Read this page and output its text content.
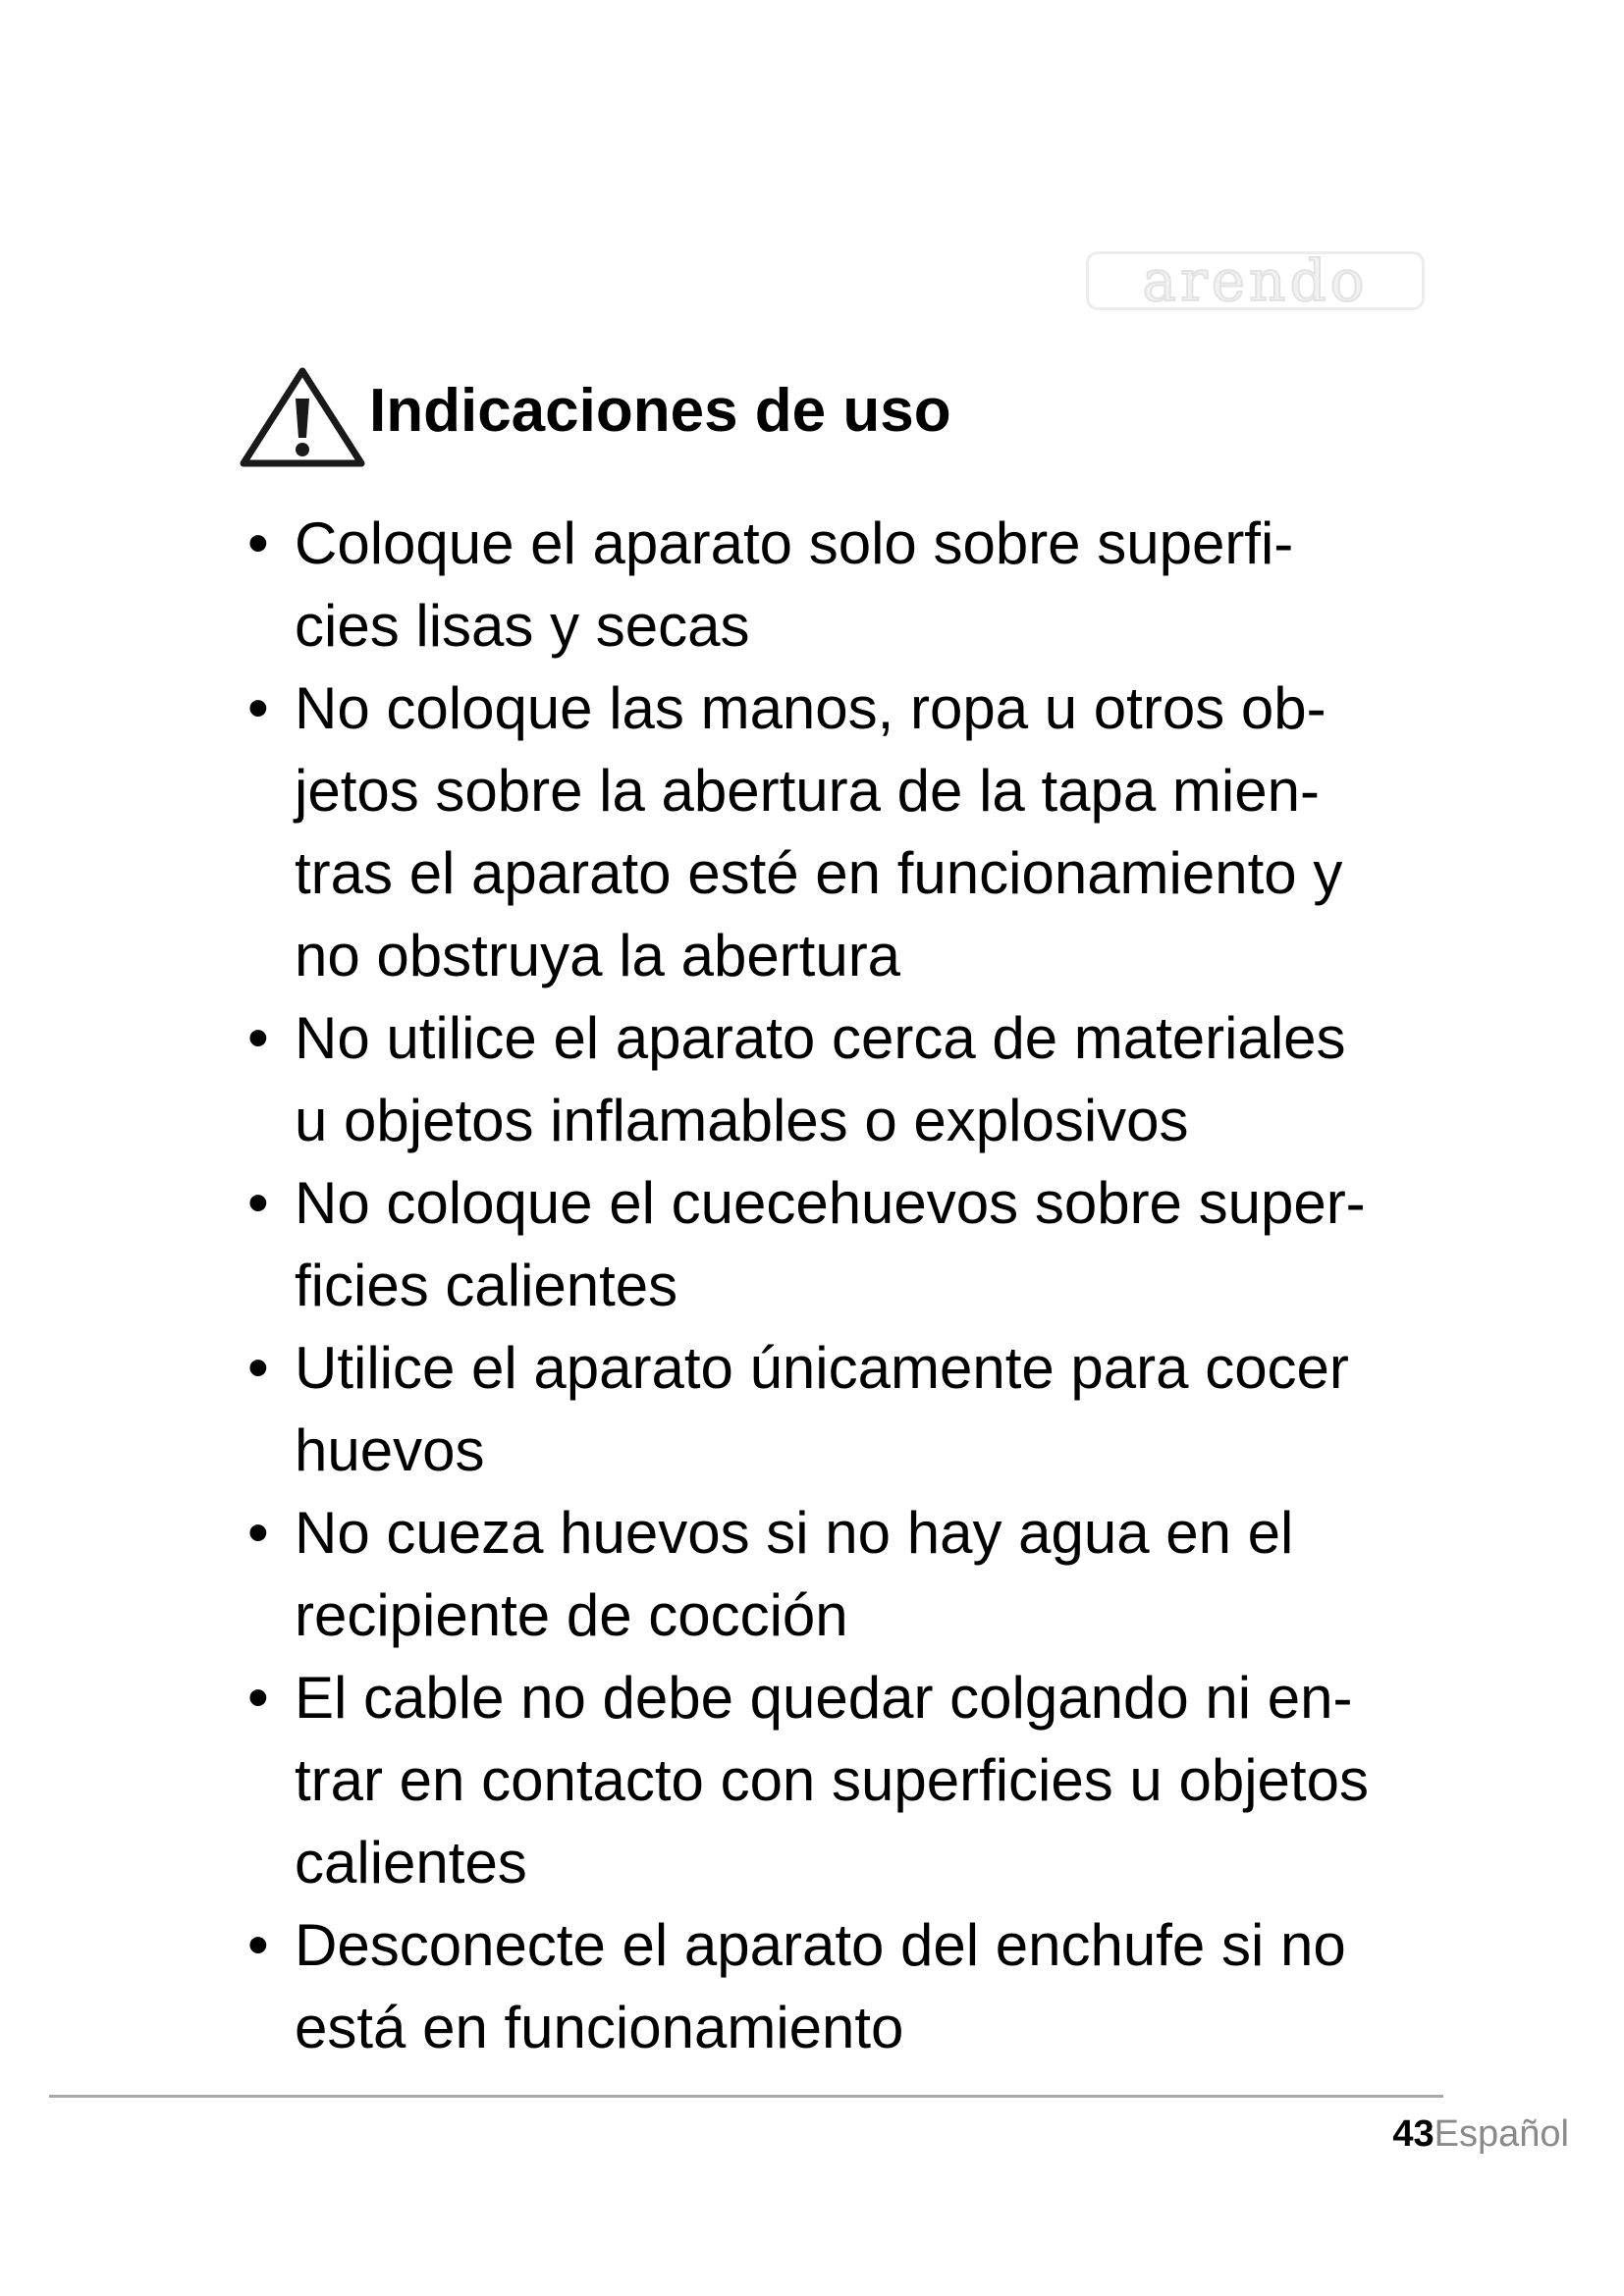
arendo
Indicaciones de uso
• Coloque el aparato solo sobre superfi-
cies lisas y secas
• No coloque las manos, ropa u otros ob-
jetos sobre la abertura de la tapa mien-
tras el aparato esté en funcionamiento y
no obstruya la abertura
• No utilice el aparato cerca de materiales
u objetos inflamables o explosivos
• No coloque el cuecehuevos sobre super-
ficies calientes
• Utilice el aparato únicamente para cocer
huevos
• No cueza huevos si no hay agua en el
recipiente de cocción
• El cable no debe quedar colgando ni en-
trar en contacto con superficies u objetos
calientes
• Desconecte el aparato del enchufe si no
está en funcionamiento
43Español
